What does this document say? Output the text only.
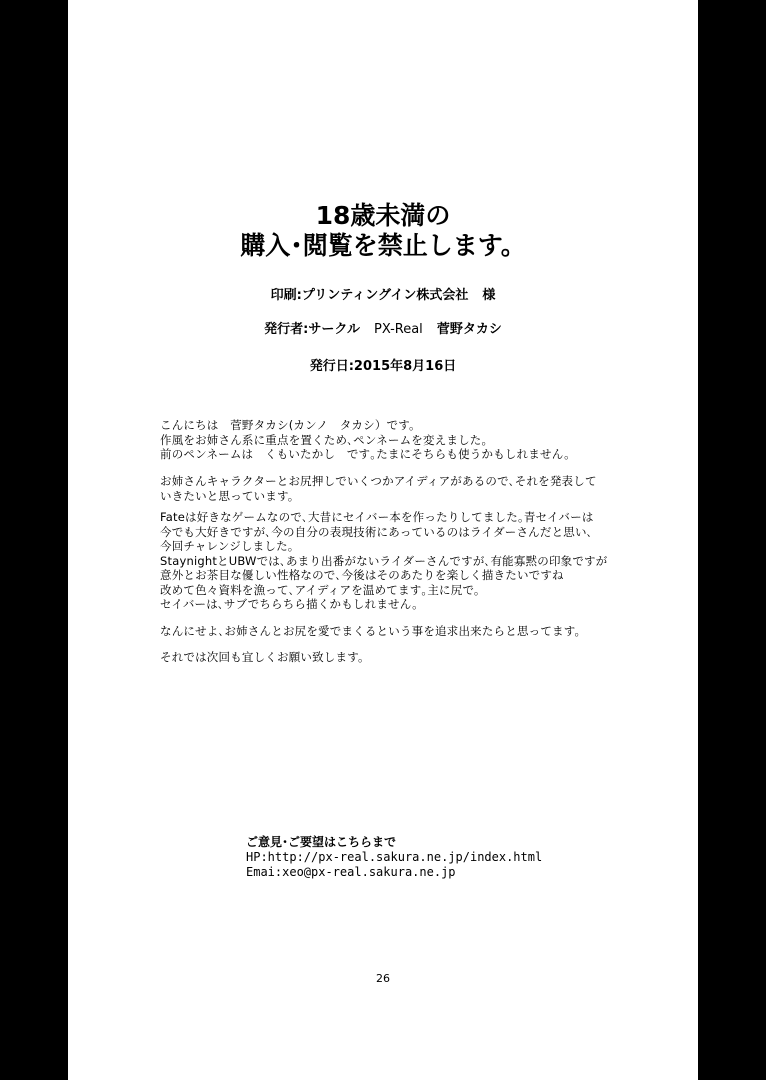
18歳未満の
購入･閲覧を禁止します。
印刷:プリンティングイン株式会社 様
発行者:サークル PX-Real 菅野タカシ
発行日:2015年8月16日

こんにちは　菅野タカシ(カンノ　タカシ）です。

作風をお姉さん系に重点を置くため､ペンネームを変えました。

前のペンネームは　くもいたかし　です｡たまにそちらも使うかもしれません。

お姉さんキャラクターとお尻押しでいくつかアイディアがあるので､それを発表して

いきたいと思っています。

Fateは好きなゲームなので､大昔にセイバー本を作ったりしてました｡青セイバーは

今でも大好きですが､今の自分の表現技術にあっているのはライダーさんだと思い､

今回チャレンジしました。

StaynightとUBWでは､あまり出番がないライダーさんですが､有能寡黙の印象ですが

意外とお茶目な優しい性格なので､今後はそのあたりを楽しく描きたいですね

改めて色々資料を漁って､アイディアを温めてます｡主に尻で。

セイバーは､サブでちらちら描くかもしれません。

なんにせよ､お姉さんとお尻を愛でまくるという事を追求出来たらと思ってます。

それでは次回も宜しくお願い致します。

ご意見･ご要望はこちらまで

HP:http://px-real.sakura.ne.jp/index.html

Emai:xeo@px-real.sakura.ne.jp

26
